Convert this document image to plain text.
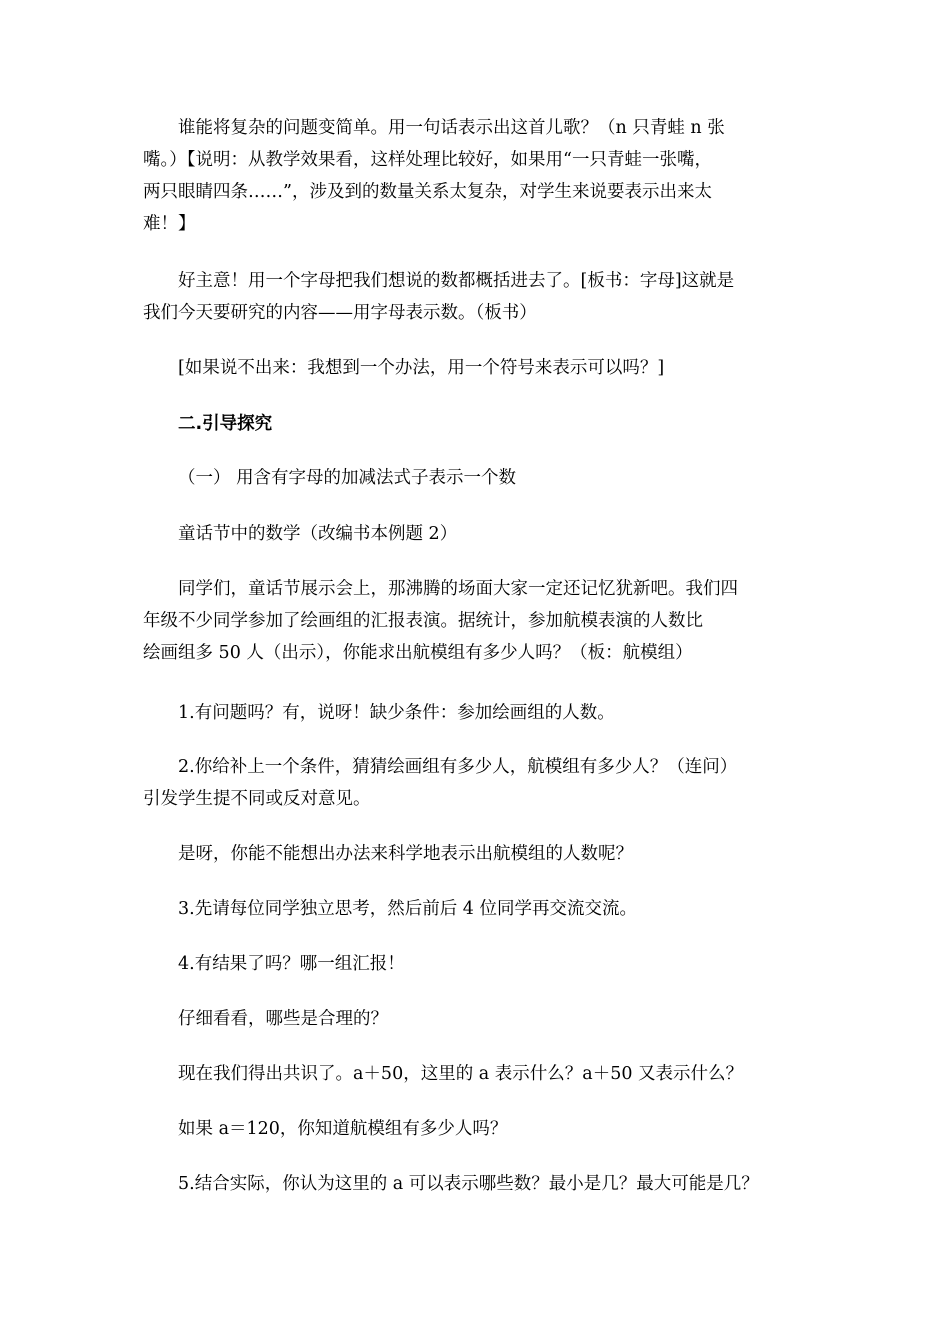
谁能将复杂的问题变简单。用一句话表示出这首儿歌？（n 只青蛙 n 张
嘴。）【说明：从教学效果看，这样处理比较好，如果用“一只青蛙一张嘴，
两只眼睛四条……”，涉及到的数量关系太复杂，对学生来说要表示出来太
难！】

好主意！用一个字母把我们想说的数都概括进去了。[板书：字母]这就是
我们今天要研究的内容——用字母表示数。（板书）

[如果说不出来：我想到一个办法，用一个符号来表示可以吗？]

二.引导探究

（一） 用含有字母的加减法式子表示一个数

童话节中的数学（改编书本例题 2）

同学们，童话节展示会上，那沸腾的场面大家一定还记忆犹新吧。我们四
年级不少同学参加了绘画组的汇报表演。据统计，参加航模表演的人数比
绘画组多 50 人（出示），你能求出航模组有多少人吗？（板：航模组）

1.有问题吗？有，说呀！缺少条件：参加绘画组的人数。

2.你给补上一个条件，猜猜绘画组有多少人，航模组有多少人？（连问）
引发学生提不同或反对意见。

是呀，你能不能想出办法来科学地表示出航模组的人数呢？

3.先请每位同学独立思考，然后前后 4 位同学再交流交流。

4.有结果了吗？哪一组汇报！

仔细看看，哪些是合理的？

现在我们得出共识了。a＋50，这里的 a 表示什么？a＋50 又表示什么？

如果 a＝120，你知道航模组有多少人吗？

5.结合实际，你认为这里的 a 可以表示哪些数？最小是几？最大可能是几？
